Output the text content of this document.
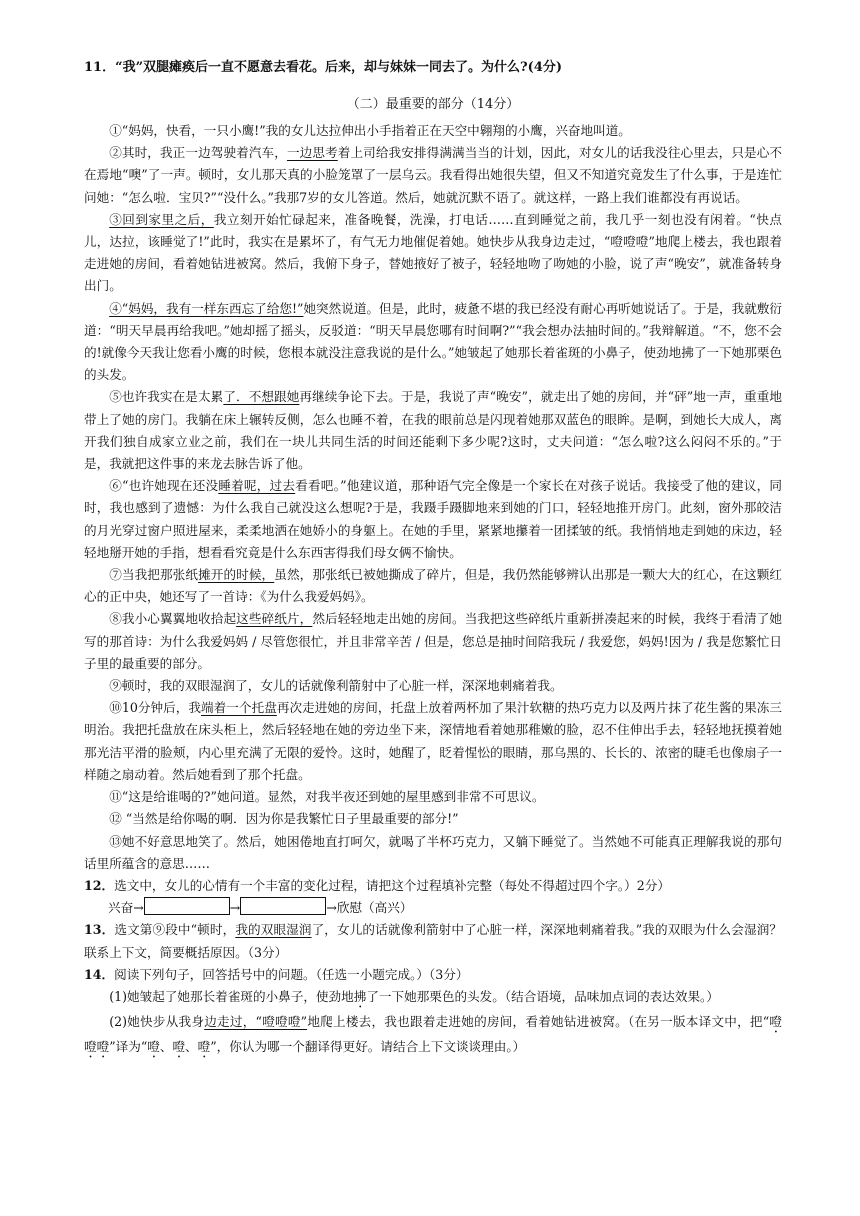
11．“我”双腿瘫痪后一直不愿意去看花。后来，却与妹妹一同去了。为什么?(4分)

（二）最重要的部分（14分）

①“妈妈，快看，一只小鹰!”我的女儿达拉伸出小手指着正在天空中翱翔的小鹰，兴奋地叫道。

②其时，我正一边驾驶着汽车，一边思考着上司给我安排得满满当当的计划，因此，对女儿的话我没往心里去，只是心不在焉地“噢”了一声。顿时，女儿那天真的小脸笼罩了一层乌云。我看得出她很失望，但又不知道究竟发生了什么事，于是连忙问她：“怎么啦．宝贝?”“没什么。”我那7岁的女儿答道。然后，她就沉默不语了。就这样，一路上我们谁都没有再说话。

③回到家里之后，我立刻开始忙碌起来，准备晚餐，洗澡，打电话……直到睡觉之前，我几乎一刻也没有闲着。“快点儿，达拉，该睡觉了!”此时，我实在是累坏了，有气无力地催促着她。她快步从我身边走过，“噔噔噔”地爬上楼去，我也跟着走进她的房间，看着她钻进被窝。然后，我俯下身子，替她掖好了被子，轻轻地吻了吻她的小脸，说了声“晚安”，就准备转身出门。

④“妈妈，我有一样东西忘了给您!”她突然说道。但是，此时，疲惫不堪的我已经没有耐心再听她说话了。于是，我就敷衍道：“明天早晨再给我吧。”她却摇了摇头，反驳道：“明天早晨您哪有时间啊?”“我会想办法抽时间的。”我辩解道。“不，您不会的!就像今天我让您看小鹰的时候，您根本就没注意我说的是什么。”她皱起了她那长着雀斑的小鼻子，使劲地拂了一下她那栗色的头发。

⑤也许我实在是太累了．不想跟她再继续争论下去。于是，我说了声“晚安”，就走出了她的房间，并“砰”地一声，重重地带上了她的房门。我躺在床上辗转反侧，怎么也睡不着，在我的眼前总是闪现着她那双蓝色的眼眸。是啊，到她长大成人，离开我们独自成家立业之前，我们在一块儿共同生活的时间还能剩下多少呢?这时，丈夫问道：“怎么啦?这么闷闷不乐的。”于是，我就把这件事的来龙去脉告诉了他。

⑥“也许她现在还没睡着呢，过去看看吧。”他建议道，那种语气完全像是一个家长在对孩子说话。我接受了他的建议，同时，我也感到了遗憾：为什么我自己就没这么想呢?于是，我蹑手蹑脚地来到她的门口，轻轻地推开房门。此刻，窗外那皎洁的月光穿过窗户照进屋来，柔柔地洒在她娇小的身躯上。在她的手里，紧紧地攥着一团揉皱的纸。我悄悄地走到她的床边，轻轻地掰开她的手指，想看看究竟是什么东西害得我们母女俩不愉快。

⑦当我把那张纸摊开的时候，虽然，那张纸已被她撕成了碎片，但是，我仍然能够辨认出那是一颗大大的红心，在这颗红心的正中央，她还写了一首诗：《为什么我爱妈妈》。

⑧我小心翼翼地收拾起这些碎纸片，然后轻轻地走出她的房间。当我把这些碎纸片重新拼凑起来的时候，我终于看清了她写的那首诗：为什么我爱妈妈 / 尽管您很忙，并且非常辛苦 / 但是，您总是抽时间陪我玩 / 我爱您，妈妈!因为 / 我是您繁忙日子里的最重要的部分。

⑨顿时，我的双眼湿润了，女儿的话就像利箭射中了心脏一样，深深地刺痛着我。

⑩10分钟后，我端着一个托盘再次走进她的房间，托盘上放着两杯加了果汁软糖的热巧克力以及两片抹了花生酱的果冻三明治。我把托盘放在床头柜上，然后轻轻地在她的旁边坐下来，深情地看着她那稚嫩的脸，忍不住伸出手去，轻轻地抚摸着她那光洁平滑的脸颊，内心里充满了无限的爱怜。这时，她醒了，眨着惺忪的眼睛，那乌黑的、长长的、浓密的睫毛也像扇子一样随之扇动着。然后她看到了那个托盘。

⑪“这是给谁喝的?”她问道。显然，对我半夜还到她的屋里感到非常不可思议。

⑫ “当然是给你喝的啊．因为你是我繁忙日子里最重要的部分!”

⑬她不好意思地笑了。然后，她困倦地直打呵欠，就喝了半杯巧克力，又躺下睡觉了。当然她不可能真正理解我说的那句话里所蕴含的意思……

12．选文中，女儿的心情有一个丰富的变化过程，请把这个过程填补完整（每处不得超过四个字。）2分）

兴奋→	→	→欣慰（高兴）

13．选文第⑨段中“顿时，我的双眼湿润了，女儿的话就像利箭射中了心脏一样，深深地刺痛着我。”我的双眼为什么会湿润？联系上下文，简要概括原因。（3分）

14．阅读下列句子，回答括号中的问题。（任选一小题完成。）（3分）

(1)她皱起了她那长着雀斑的小鼻子，使劲地拂了一下她那栗色的头发。（结合语境，品味加点词的表达效果。）

(2)她快步从我身边走过，“噔噔噔”地爬上楼去，我也跟着走进她的房间，看着她钻进被窝。（在另一版本译文中，把“噔噔噔”译为“噔、噔、噔”，你认为哪一个翻译得更好。请结合上下文谈谈理由。）
